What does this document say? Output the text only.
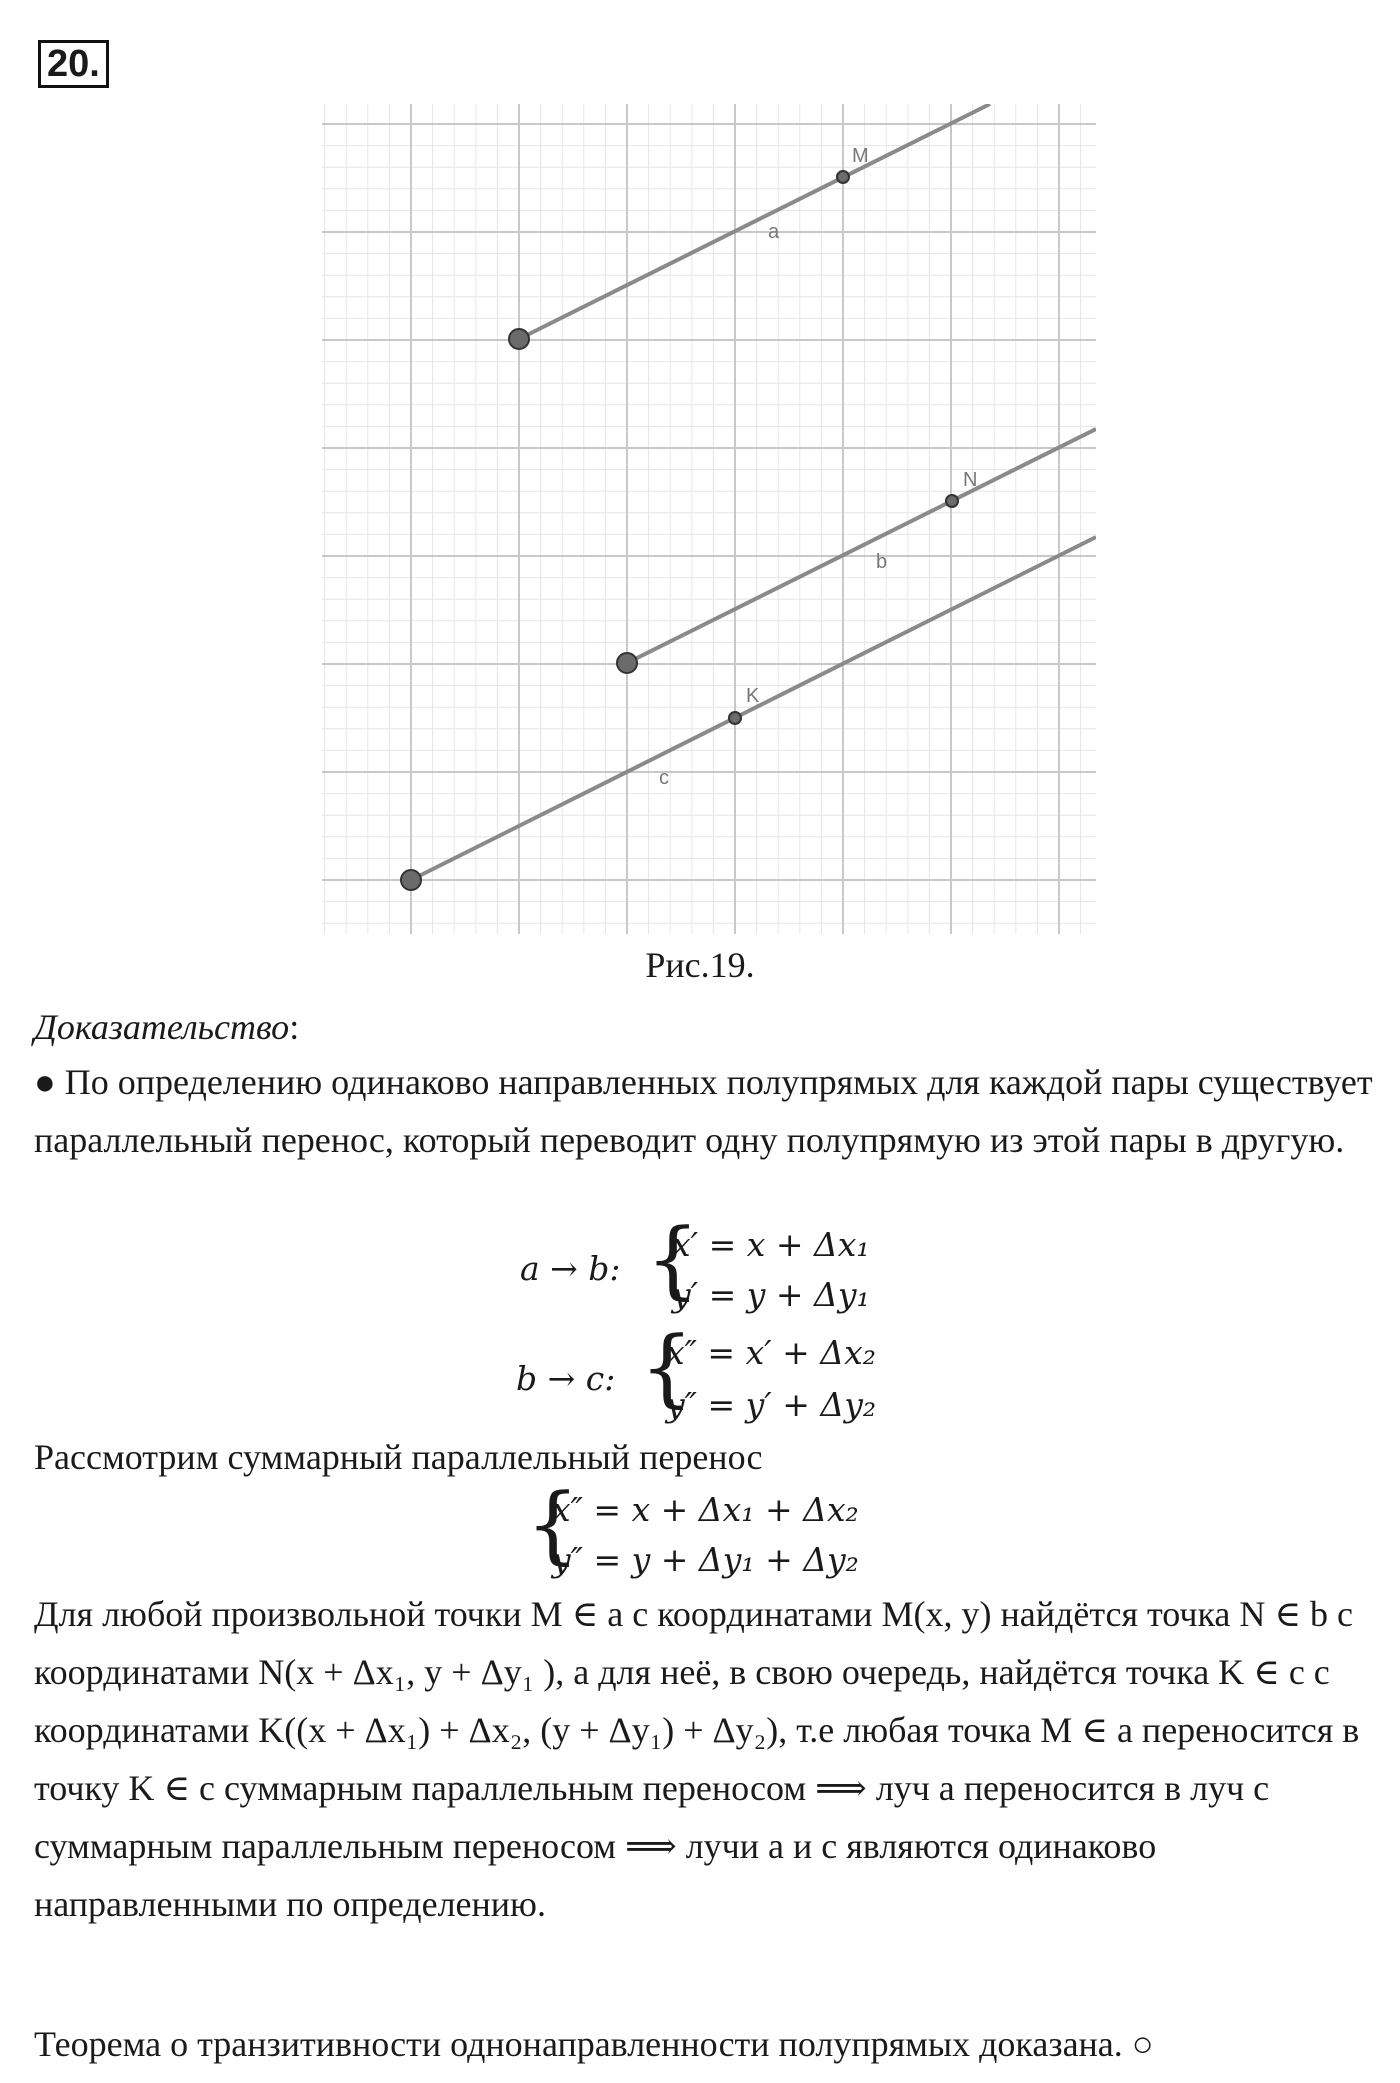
20.
M
a
N
b
K
c
Рис.19.
Доказательство:
● По определению одинаково направленных полупрямых для каждой пары существует параллельный перенос, который переводит одну полупрямую из этой пары в другую.
a → b: {
x′ = x + Δx₁
y′ = y + Δy₁
b → c: {
x″ = x′ + Δx₂
y″ = y′ + Δy₂
Рассмотрим суммарный параллельный перенос
{
x″ = x + Δx₁ + Δx₂
y″ = y + Δy₁ + Δy₂
Для любой произвольной точки M ∈ a с координатами M(x, y) найдётся точка N ∈ b с координатами N(x + Δx₁, y + Δy₁ ), а для неё, в свою очередь, найдётся точка K ∈ c с координатами K((x + Δx₁) + Δx₂, (y + Δy₁) + Δy₂), т.е любая точка M ∈ a переносится в точку K ∈ c суммарным параллельным переносом ⟹ луч a переносится в луч c суммарным параллельным переносом ⟹ лучи a и c являются одинаково направленными по определению.
Теорема о транзитивности однонаправленности полупрямых доказана. ○
